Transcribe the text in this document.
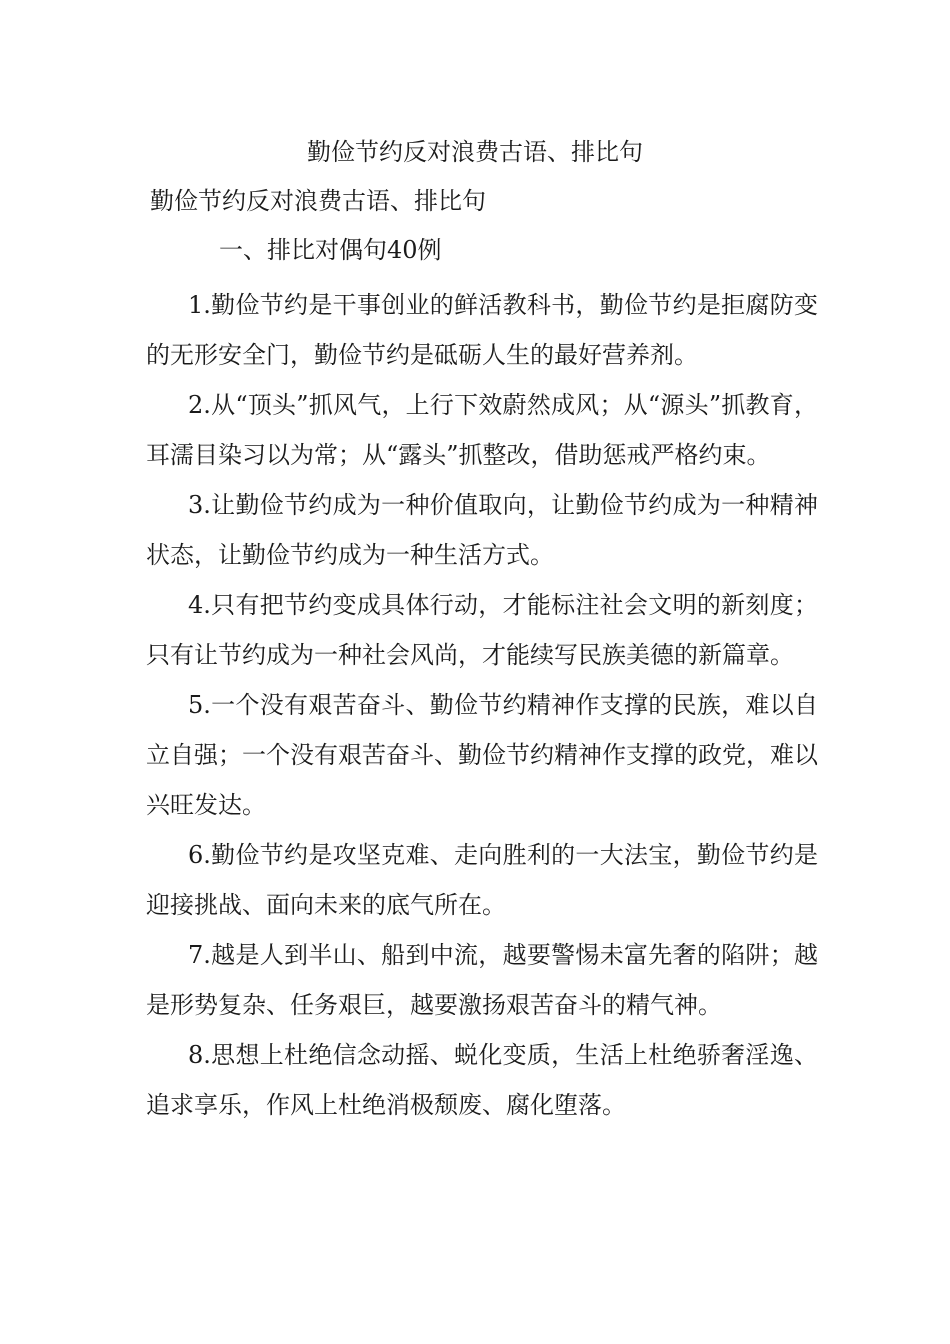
勤俭节约反对浪费古语、排比句
勤俭节约反对浪费古语、排比句
一、排比对偶句40例

1.勤俭节约是干事创业的鲜活教科书，勤俭节约是拒腐防变的无形安全门，勤俭节约是砥砺人生的最好营养剂。

2.从“顶头”抓风气，上行下效蔚然成风；从“源头”抓教育，耳濡目染习以为常；从“露头”抓整改，借助惩戒严格约束。

3.让勤俭节约成为一种价值取向，让勤俭节约成为一种精神状态，让勤俭节约成为一种生活方式。

4.只有把节约变成具体行动，才能标注社会文明的新刻度；只有让节约成为一种社会风尚，才能续写民族美德的新篇章。

5.一个没有艰苦奋斗、勤俭节约精神作支撑的民族，难以自立自强；一个没有艰苦奋斗、勤俭节约精神作支撑的政党，难以兴旺发达。

6.勤俭节约是攻坚克难、走向胜利的一大法宝，勤俭节约是迎接挑战、面向未来的底气所在。

7.越是人到半山、船到中流，越要警惕未富先奢的陷阱；越是形势复杂、任务艰巨，越要激扬艰苦奋斗的精气神。

8.思想上杜绝信念动摇、蜕化变质，生活上杜绝骄奢淫逸、追求享乐，作风上杜绝消极颓废、腐化堕落。
